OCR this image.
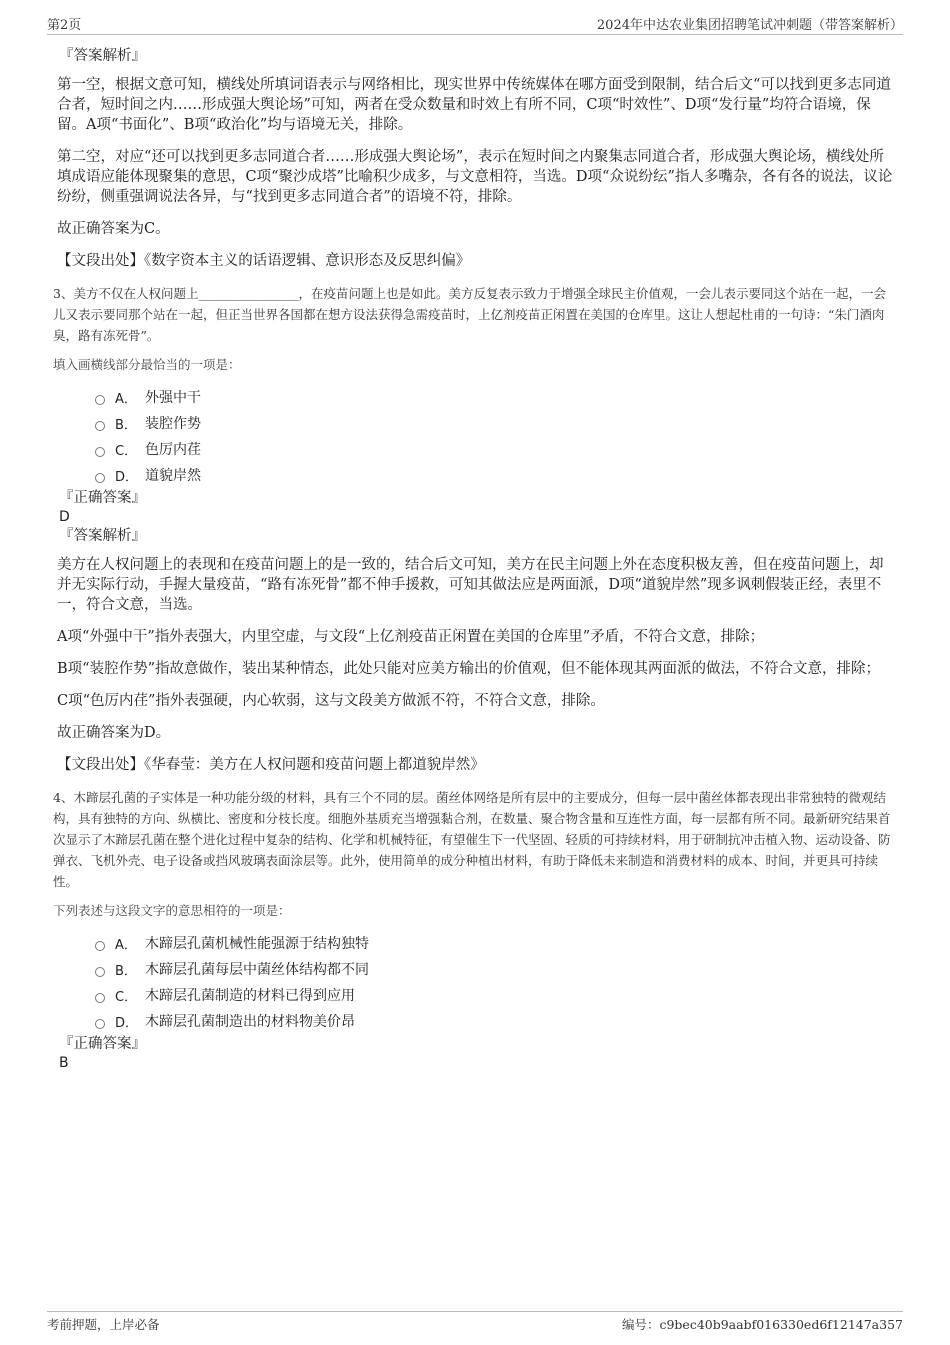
第2页	2024年中达农业集团招聘笔试冲刺题（带答案解析）

『答案解析』

第一空，根据文意可知，横线处所填词语表示与网络相比，现实世界中传统媒体在哪方面受到限制，结合后文“可以找到更多志同道合者，短时间之内……形成强大舆论场”可知，两者在受众数量和时效上有所不同，C项“时效性”、D项“发行量”均符合语境，保留。A项“书面化”、B项“政治化”均与语境无关，排除。

第二空，对应“还可以找到更多志同道合者……形成强大舆论场”，表示在短时间之内聚集志同道合者，形成强大舆论场，横线处所填成语应能体现聚集的意思，C项“聚沙成塔”比喻积少成多，与文意相符，当选。D项“众说纷纭”指人多嘴杂，各有各的说法，议论纷纷，侧重强调说法各异，与“找到更多志同道合者”的语境不符，排除。

故正确答案为C。

【文段出处】《数字资本主义的话语逻辑、意识形态及反思纠偏》

3、美方不仅在人权问题上________________，在疫苗问题上也是如此。美方反复表示致力于增强全球民主价值观，一会儿表示要同这个站在一起，一会儿又表示要同那个站在一起，但正当世界各国都在想方设法获得急需疫苗时，上亿剂疫苗正闲置在美国的仓库里。这让人想起杜甫的一句诗：“朱门酒肉臭，路有冻死骨”。

填入画横线部分最恰当的一项是：

A． 外强中干
B． 装腔作势
C． 色厉内荏
D． 道貌岸然

『正确答案』

D

『答案解析』

美方在人权问题上的表现和在疫苗问题上的是一致的，结合后文可知，美方在民主问题上外在态度积极友善，但在疫苗问题上，却并无实际行动，手握大量疫苗，“路有冻死骨”都不伸手援救，可知其做法应是两面派，D项“道貌岸然”现多讽刺假装正经，表里不一，符合文意，当选。

A项“外强中干”指外表强大，内里空虚，与文段“上亿剂疫苗正闲置在美国的仓库里”矛盾，不符合文意，排除；

B项“装腔作势”指故意做作，装出某种情态，此处只能对应美方输出的价值观，但不能体现其两面派的做法，不符合文意，排除；

C项“色厉内荏”指外表强硬，内心软弱，这与文段美方做派不符，不符合文意，排除。

故正确答案为D。

【文段出处】《华春莹：美方在人权问题和疫苗问题上都道貌岸然》

4、木蹄层孔菌的子实体是一种功能分级的材料，具有三个不同的层。菌丝体网络是所有层中的主要成分，但每一层中菌丝体都表现出非常独特的微观结构，具有独特的方向、纵横比、密度和分枝长度。细胞外基质充当增强黏合剂，在数量、聚合物含量和互连性方面，每一层都有所不同。最新研究结果首次显示了木蹄层孔菌在整个进化过程中复杂的结构、化学和机械特征，有望催生下一代坚固、轻质的可持续材料，用于研制抗冲击植入物、运动设备、防弹衣、飞机外壳、电子设备或挡风玻璃表面涂层等。此外，使用简单的成分种植出材料，有助于降低未来制造和消费材料的成本、时间，并更具可持续性。

下列表述与这段文字的意思相符的一项是：

A． 木蹄层孔菌机械性能强源于结构独特
B． 木蹄层孔菌每层中菌丝体结构都不同
C． 木蹄层孔菌制造的材料已得到应用
D． 木蹄层孔菌制造出的材料物美价昂

『正确答案』

B

考前押题，上岸必备	编号：c9bec40b9aabf016330ed6f12147a357
